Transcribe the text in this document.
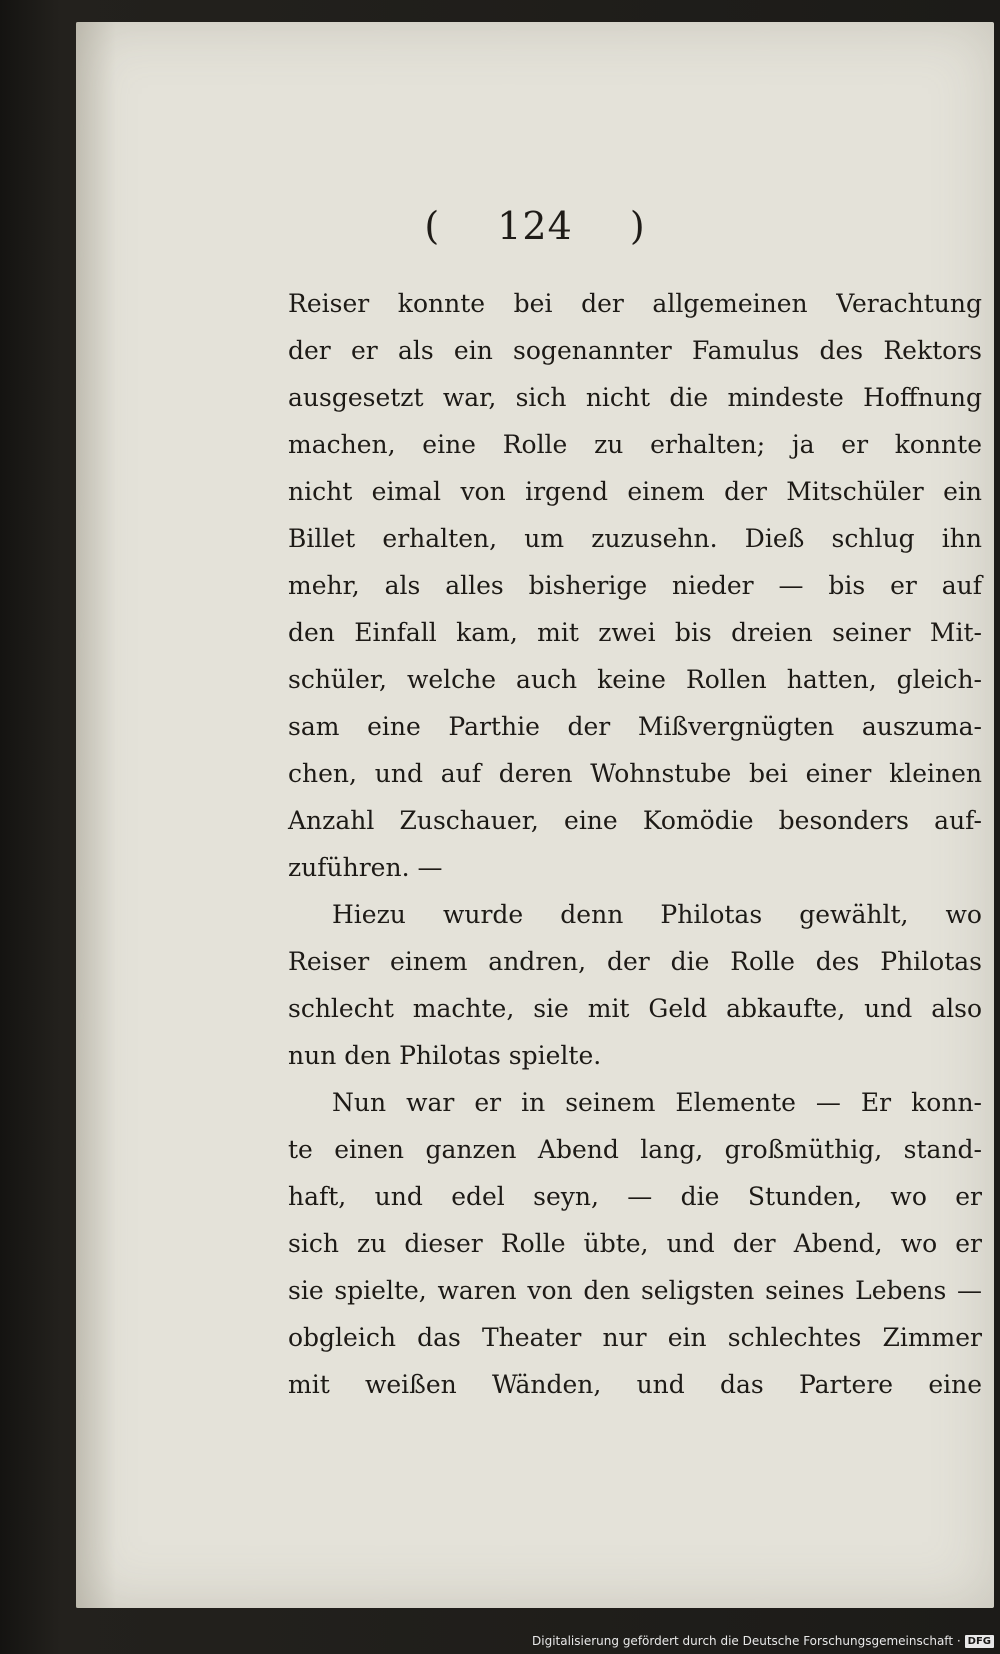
( 124 )
Reiser konnte bei der allgemeinen Verachtung
der er als ein sogenannter Famulus des Rektors
ausgesetzt war, sich nicht die mindeste Hoffnung
machen, eine Rolle zu erhalten; ja er konnte
nicht eimal von irgend einem der Mitschüler ein
Billet erhalten, um zuzusehn. Dieß schlug ihn
mehr, als alles bisherige nieder — bis er auf
den Einfall kam, mit zwei bis dreien seiner Mit-
schüler, welche auch keine Rollen hatten, gleich-
sam eine Parthie der Mißvergnügten auszuma-
chen, und auf deren Wohnstube bei einer kleinen
Anzahl Zuschauer, eine Komödie besonders auf-
zuführen. —
Hiezu wurde denn Philotas gewählt, wo
Reiser einem andren, der die Rolle des Philotas
schlecht machte, sie mit Geld abkaufte, und also
nun den Philotas spielte.
Nun war er in seinem Elemente — Er konn-
te einen ganzen Abend lang, großmüthig, stand-
haft, und edel seyn, — die Stunden, wo er
sich zu dieser Rolle übte, und der Abend, wo er
sie spielte, waren von den seligsten seines Lebens —
obgleich das Theater nur ein schlechtes Zimmer
mit weißen Wänden, und das Partere eine
Digitalisierung gefördert durch die Deutsche Forschungsgemeinschaft · DFG
